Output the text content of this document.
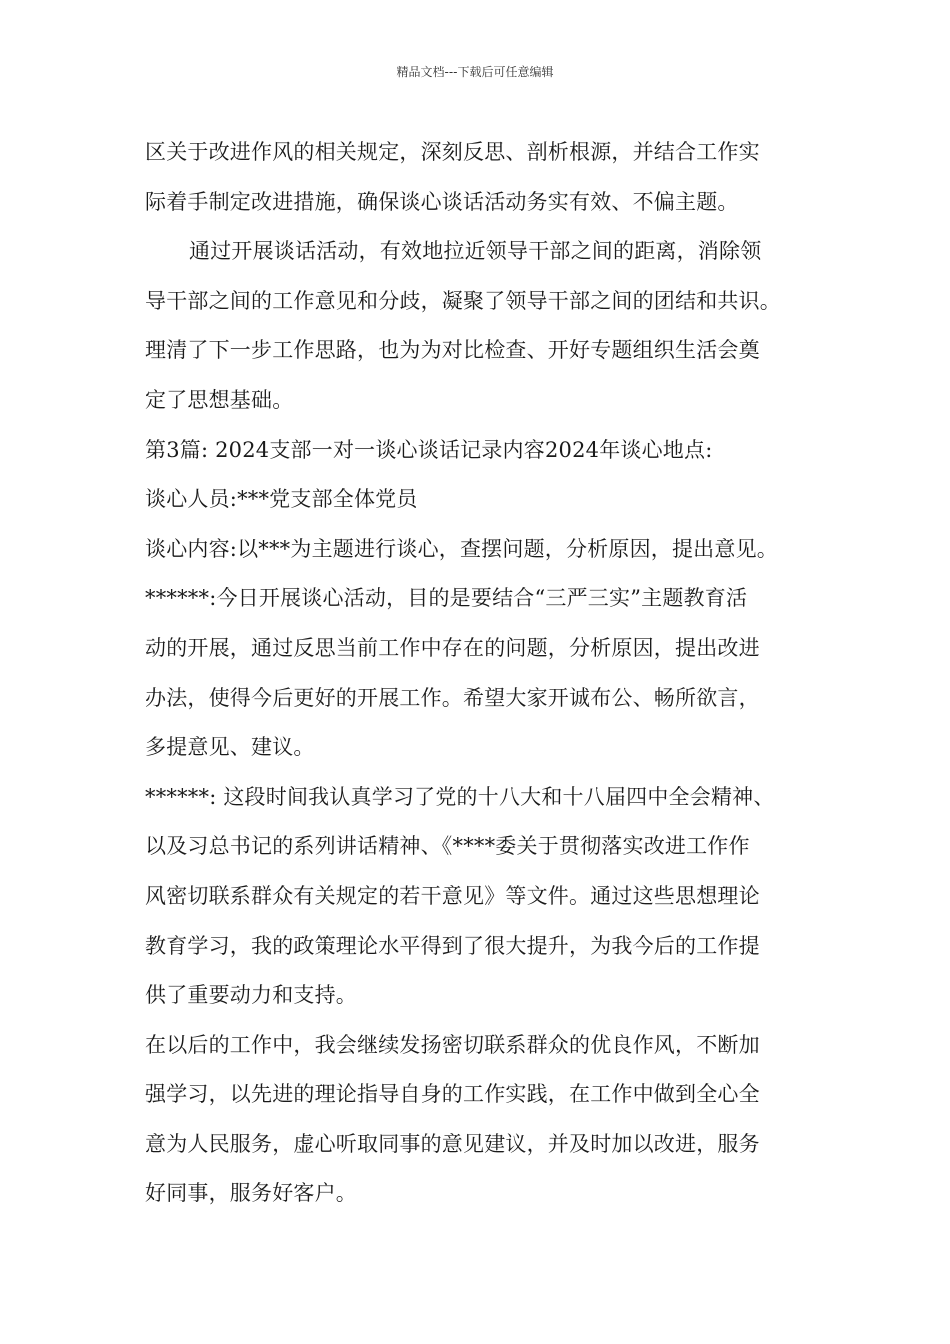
精品文档---下载后可任意编辑
区关于改进作风的相关规定，深刻反思、剖析根源，并结合工作实
际着手制定改进措施，确保谈心谈话活动务实有效、不偏主题。
通过开展谈话活动，有效地拉近领导干部之间的距离，消除领
导干部之间的工作意见和分歧，凝聚了领导干部之间的团结和共识。
理清了下一步工作思路，也为为对比检查、开好专题组织生活会奠
定了思想基础。
第3篇: 2024支部一对一谈心谈话记录内容2024年谈心地点:
谈心人员:***党支部全体党员
谈心内容:以***为主题进行谈心，查摆问题，分析原因，提出意见。
******:今日开展谈心活动，目的是要结合“三严三实”主题教育活
动的开展，通过反思当前工作中存在的问题，分析原因，提出改进
办法，使得今后更好的开展工作。希望大家开诚布公、畅所欲言，
多提意见、建议。
******: 这段时间我认真学习了党的十八大和十八届四中全会精神、
以及习总书记的系列讲话精神、《****委关于贯彻落实改进工作作
风密切联系群众有关规定的若干意见》等文件。通过这些思想理论
教育学习，我的政策理论水平得到了很大提升，为我今后的工作提
供了重要动力和支持。
在以后的工作中，我会继续发扬密切联系群众的优良作风，不断加
强学习，以先进的理论指导自身的工作实践，在工作中做到全心全
意为人民服务，虚心听取同事的意见建议，并及时加以改进，服务
好同事，服务好客户。
